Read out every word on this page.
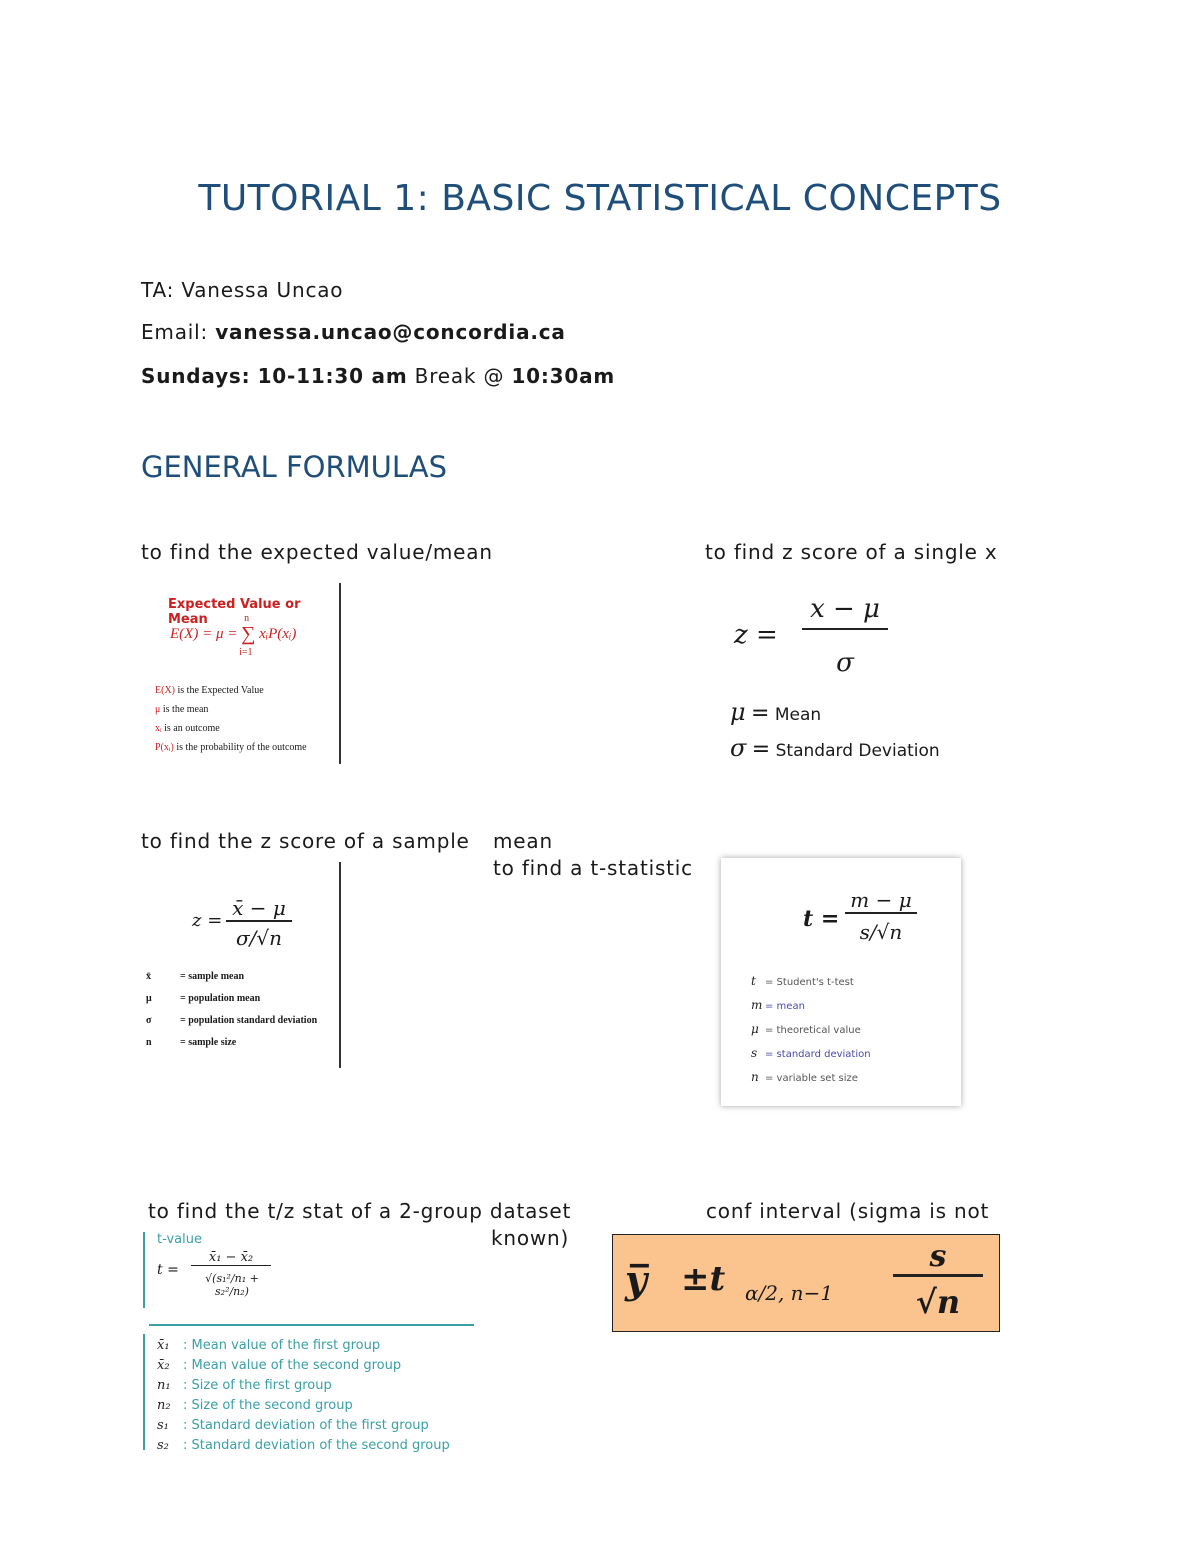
TUTORIAL 1: BASIC STATISTICAL CONCEPTS
TA: Vanessa Uncao
Email: vanessa.uncao@concordia.ca
Sundays: 10-11:30 am Break @ 10:30am
GENERAL FORMULAS
to find the expected value/mean
Expected Value or Mean
E(X) = μ = ∑
n
i=1
xᵢP(xᵢ)
E(X) is the Expected Value
μ is the mean
xᵢ is an outcome
P(xᵢ) is the probability of the outcome
to find z score of a single x
z =
x − μ
σ
μ = Mean
σ = Standard Deviation
to find the z score of a sample mean
z =
x̄ − μ
σ/√n
x̄	= sample mean
μ	= population mean
σ	= population standard deviation
n	= sample size
to find a t-statistic
t =
m − μ
s/√n
t = Student's t-test
m = mean
μ = theoretical value
s = standard deviation
n = variable set size
to find the t/z stat of a 2-group dataset
t-value
t =
x̄₁ − x̄₂
√(s₁²/n₁ + s₂²/n₂)
x̄₁ : Mean value of the first group
x̄₂ : Mean value of the second group
n₁ : Size of the first group
n₂ : Size of the second group
s₁ : Standard deviation of the first group
s₂ : Standard deviation of the second group
conf interval (sigma is not
known)
y̅ ±t α/2, n−1
s
√n
